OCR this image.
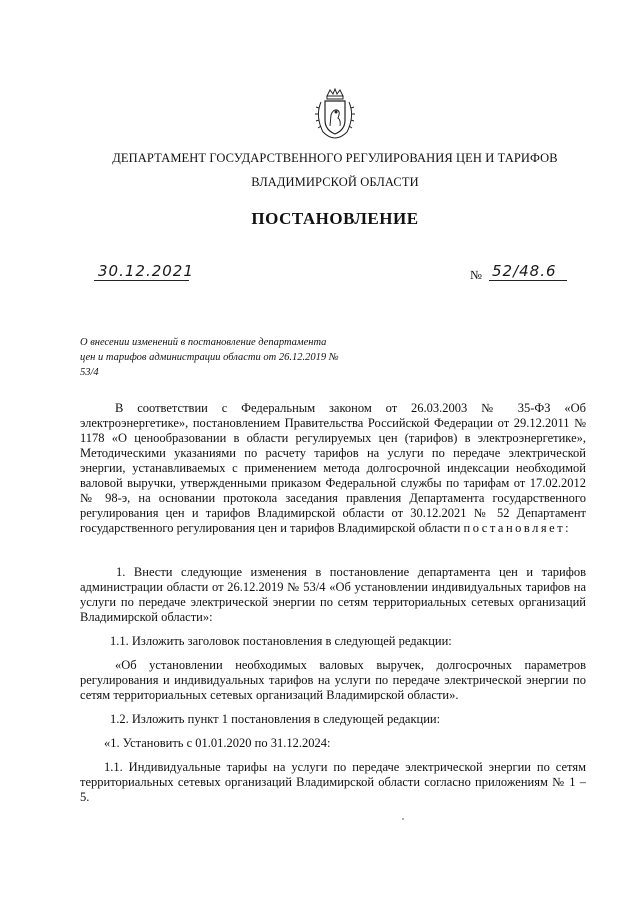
ДЕПАРТАМЕНТ ГОСУДАРСТВЕННОГО РЕГУЛИРОВАНИЯ ЦЕН И ТАРИФОВ
ВЛАДИМИРСКОЙ ОБЛАСТИ
ПОСТАНОВЛЕНИЕ
30.12.2021	№ 52/48.6
О внесении изменений в постановление департамента цен и тарифов администрации области от 26.12.2019 № 53/4
В соответствии с Федеральным законом от 26.03.2003 № 35-ФЗ «Об электроэнергетике», постановлением Правительства Российской Федерации от 29.12.2011 № 1178 «О ценообразовании в области регулируемых цен (тарифов) в электроэнергетике», Методическими указаниями по расчету тарифов на услуги по передаче электрической энергии, устанавливаемых с применением метода долгосрочной индексации необходимой валовой выручки, утвержденными приказом Федеральной службы по тарифам от 17.02.2012 № 98-э, на основании протокола заседания правления Департамента государственного регулирования цен и тарифов Владимирской области от 30.12.2021 № 52 Департамент государственного регулирования цен и тарифов Владимирской области постановляет:
1. Внести следующие изменения в постановление департамента цен и тарифов администрации области от 26.12.2019 № 53/4 «Об установлении индивидуальных тарифов на услуги по передаче электрической энергии по сетям территориальных сетевых организаций Владимирской области»:
1.1. Изложить заголовок постановления в следующей редакции:
«Об установлении необходимых валовых выручек, долгосрочных параметров регулирования и индивидуальных тарифов на услуги по передаче электрической энергии по сетям территориальных сетевых организаций Владимирской области».
1.2. Изложить пункт 1 постановления в следующей редакции:
«1. Установить с 01.01.2020 по 31.12.2024:
1.1. Индивидуальные тарифы на услуги по передаче электрической энергии по сетям территориальных сетевых организаций Владимирской области согласно приложениям № 1 – 5.
